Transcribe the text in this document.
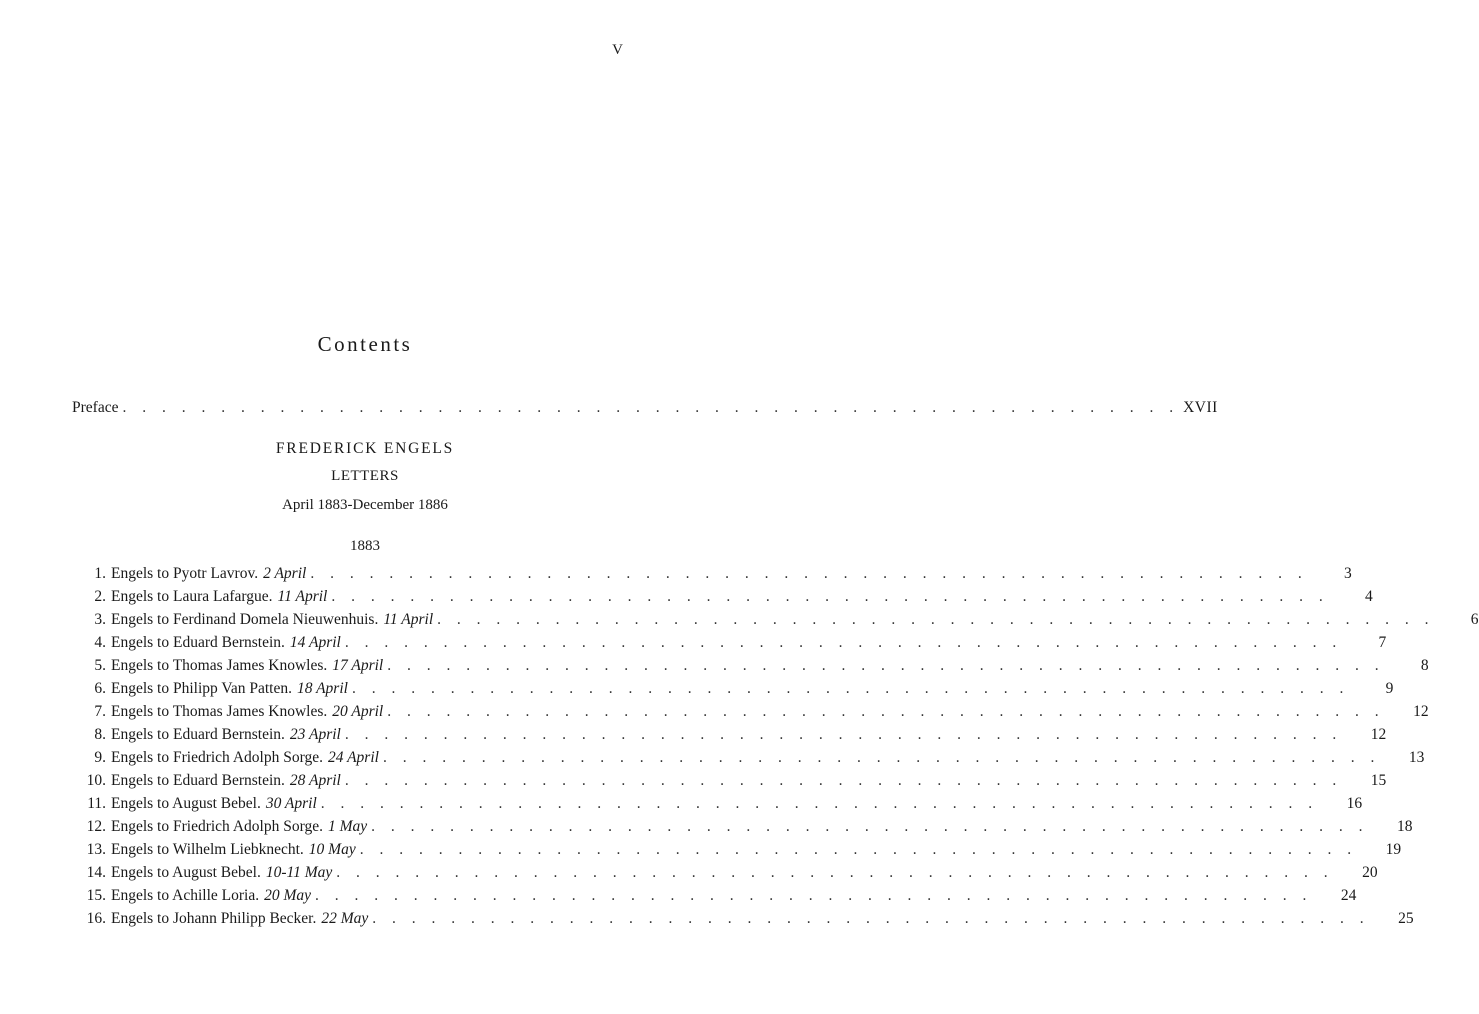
V
Contents
Preface . . . . . . . . . . . . . . . . . . . . . . . . . . . . . . . . . . . . . . . . . . . . . . . . . . . . . . XVII
FREDERICK ENGELS
LETTERS
April 1883-December 1886
1883
1. Engels to Pyotr Lavrov. 2 April . . . . . . . . . . . . . . . . . . . . . . . . . . . . . . . . . . . . . . . . . . . . . . . . . . .	3
2. Engels to Laura Lafargue. 11 April . . . . . . . . . . . . . . . . . . . . . . . . . . . . . . . . . . . . . . . . . . . . . . . . . . .	4
3. Engels to Ferdinand Domela Nieuwenhuis. 11 April . . . . . . . . . . . . . . . . . . . . . . . . . . . . . . . . . . . . . . . . . . . . . . . . . . .	6
4. Engels to Eduard Bernstein. 14 April . . . . . . . . . . . . . . . . . . . . . . . . . . . . . . . . . . . . . . . . . . . . . . . . . . .	7
5. Engels to Thomas James Knowles. 17 April . . . . . . . . . . . . . . . . . . . . . . . . . . . . . . . . . . . . . . . . . . . . . . . . . . .	8
6. Engels to Philipp Van Patten. 18 April . . . . . . . . . . . . . . . . . . . . . . . . . . . . . . . . . . . . . . . . . . . . . . . . . . .	9
7. Engels to Thomas James Knowles. 20 April . . . . . . . . . . . . . . . . . . . . . . . . . . . . . . . . . . . . . . . . . . . . . . . . . . .	12
8. Engels to Eduard Bernstein. 23 April . . . . . . . . . . . . . . . . . . . . . . . . . . . . . . . . . . . . . . . . . . . . . . . . . . .	12
9. Engels to Friedrich Adolph Sorge. 24 April . . . . . . . . . . . . . . . . . . . . . . . . . . . . . . . . . . . . . . . . . . . . . . . . . . .	13
10. Engels to Eduard Bernstein. 28 April . . . . . . . . . . . . . . . . . . . . . . . . . . . . . . . . . . . . . . . . . . . . . . . . . . .	15
11. Engels to August Bebel. 30 April . . . . . . . . . . . . . . . . . . . . . . . . . . . . . . . . . . . . . . . . . . . . . . . . . . .	16
12. Engels to Friedrich Adolph Sorge. 1 May . . . . . . . . . . . . . . . . . . . . . . . . . . . . . . . . . . . . . . . . . . . . . . . . . . .	18
13. Engels to Wilhelm Liebknecht. 10 May . . . . . . . . . . . . . . . . . . . . . . . . . . . . . . . . . . . . . . . . . . . . . . . . . . .	19
14. Engels to August Bebel. 10-11 May . . . . . . . . . . . . . . . . . . . . . . . . . . . . . . . . . . . . . . . . . . . . . . . . . . .	20
15. Engels to Achille Loria. 20 May . . . . . . . . . . . . . . . . . . . . . . . . . . . . . . . . . . . . . . . . . . . . . . . . . . .	24
16. Engels to Johann Philipp Becker. 22 May . . . . . . . . . . . . . . . . . . . . . . . . . . . . . . . . . . . . . . . . . . . . . . . . . . .	25
